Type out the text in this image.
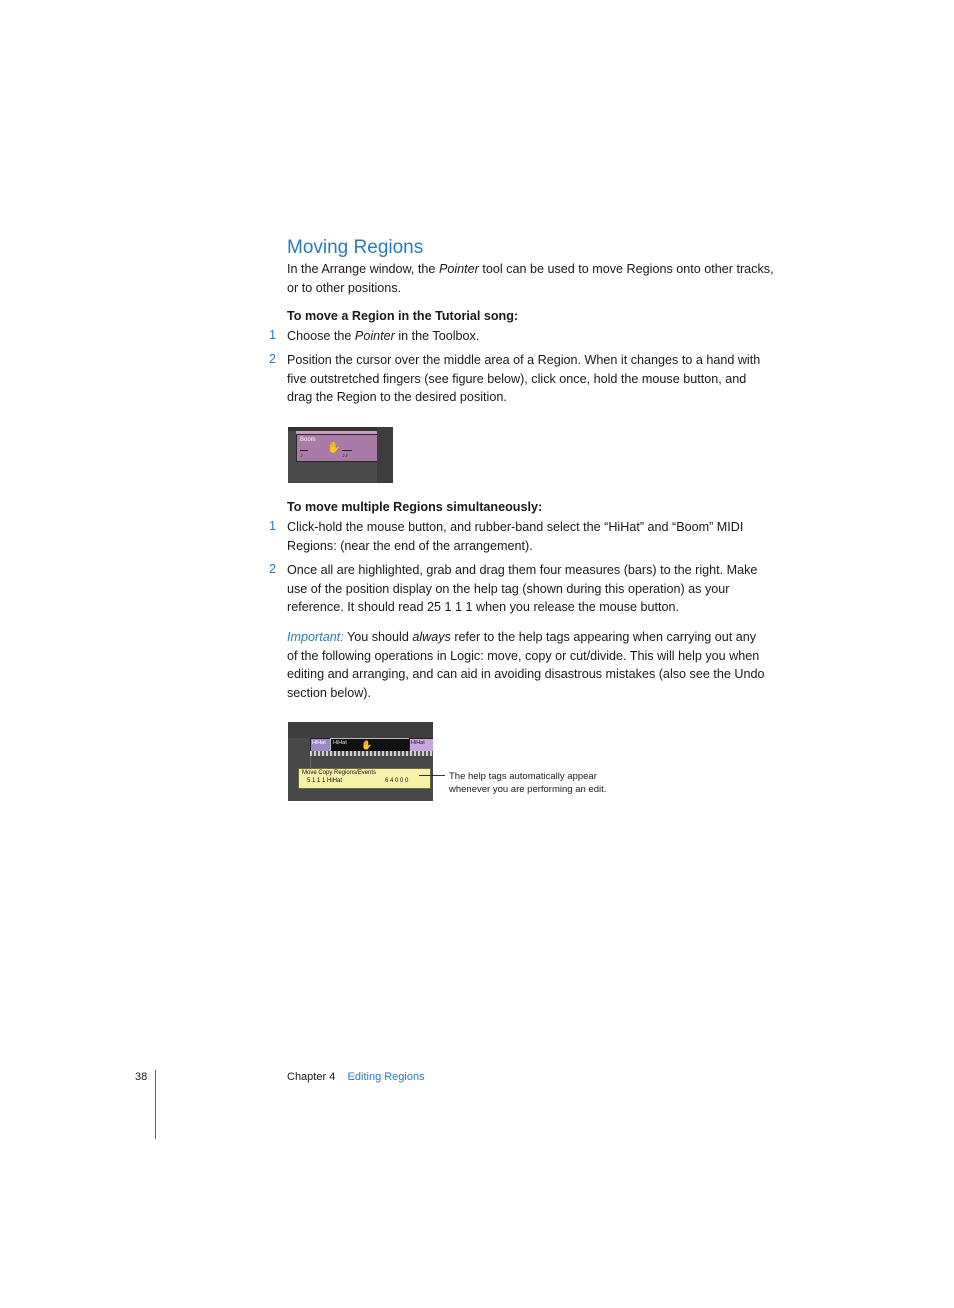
Moving Regions
In the Arrange window, the Pointer tool can be used to move Regions onto other tracks,
or to other positions.
To move a Region in the Tutorial song:
1 Choose the Pointer in the Toolbox.
2 Position the cursor over the middle area of a Region. When it changes to a hand with
five outstretched fingers (see figure below), click once, hold the mouse button, and
drag the Region to the desired position.
Boom
♪	♪♪
✋
To move multiple Regions simultaneously:
1 Click-hold the mouse button, and rubber-band select the “HiHat” and “Boom” MIDI
Regions: (near the end of the arrangement).
2 Once all are highlighted, grab and drag them four measures (bars) to the right. Make
use of the position display on the help tag (shown during this operation) as your
reference. It should read 25 1 1 1 when you release the mouse button.
Important: You should always refer to the help tags appearing when carrying out any
of the following operations in Logic: move, copy or cut/divide. This will help you when
editing and arranging, and can aid in avoiding disastrous mistakes (also see the Undo
section below).
HiHat HiHat ✋	HiHat
Move Copy Regions/Events
5 1 1 1 HiHat	6 4 0 0 0	The help tags automatically appear
whenever you are performing an edit.
38	Chapter 4 Editing Regions
